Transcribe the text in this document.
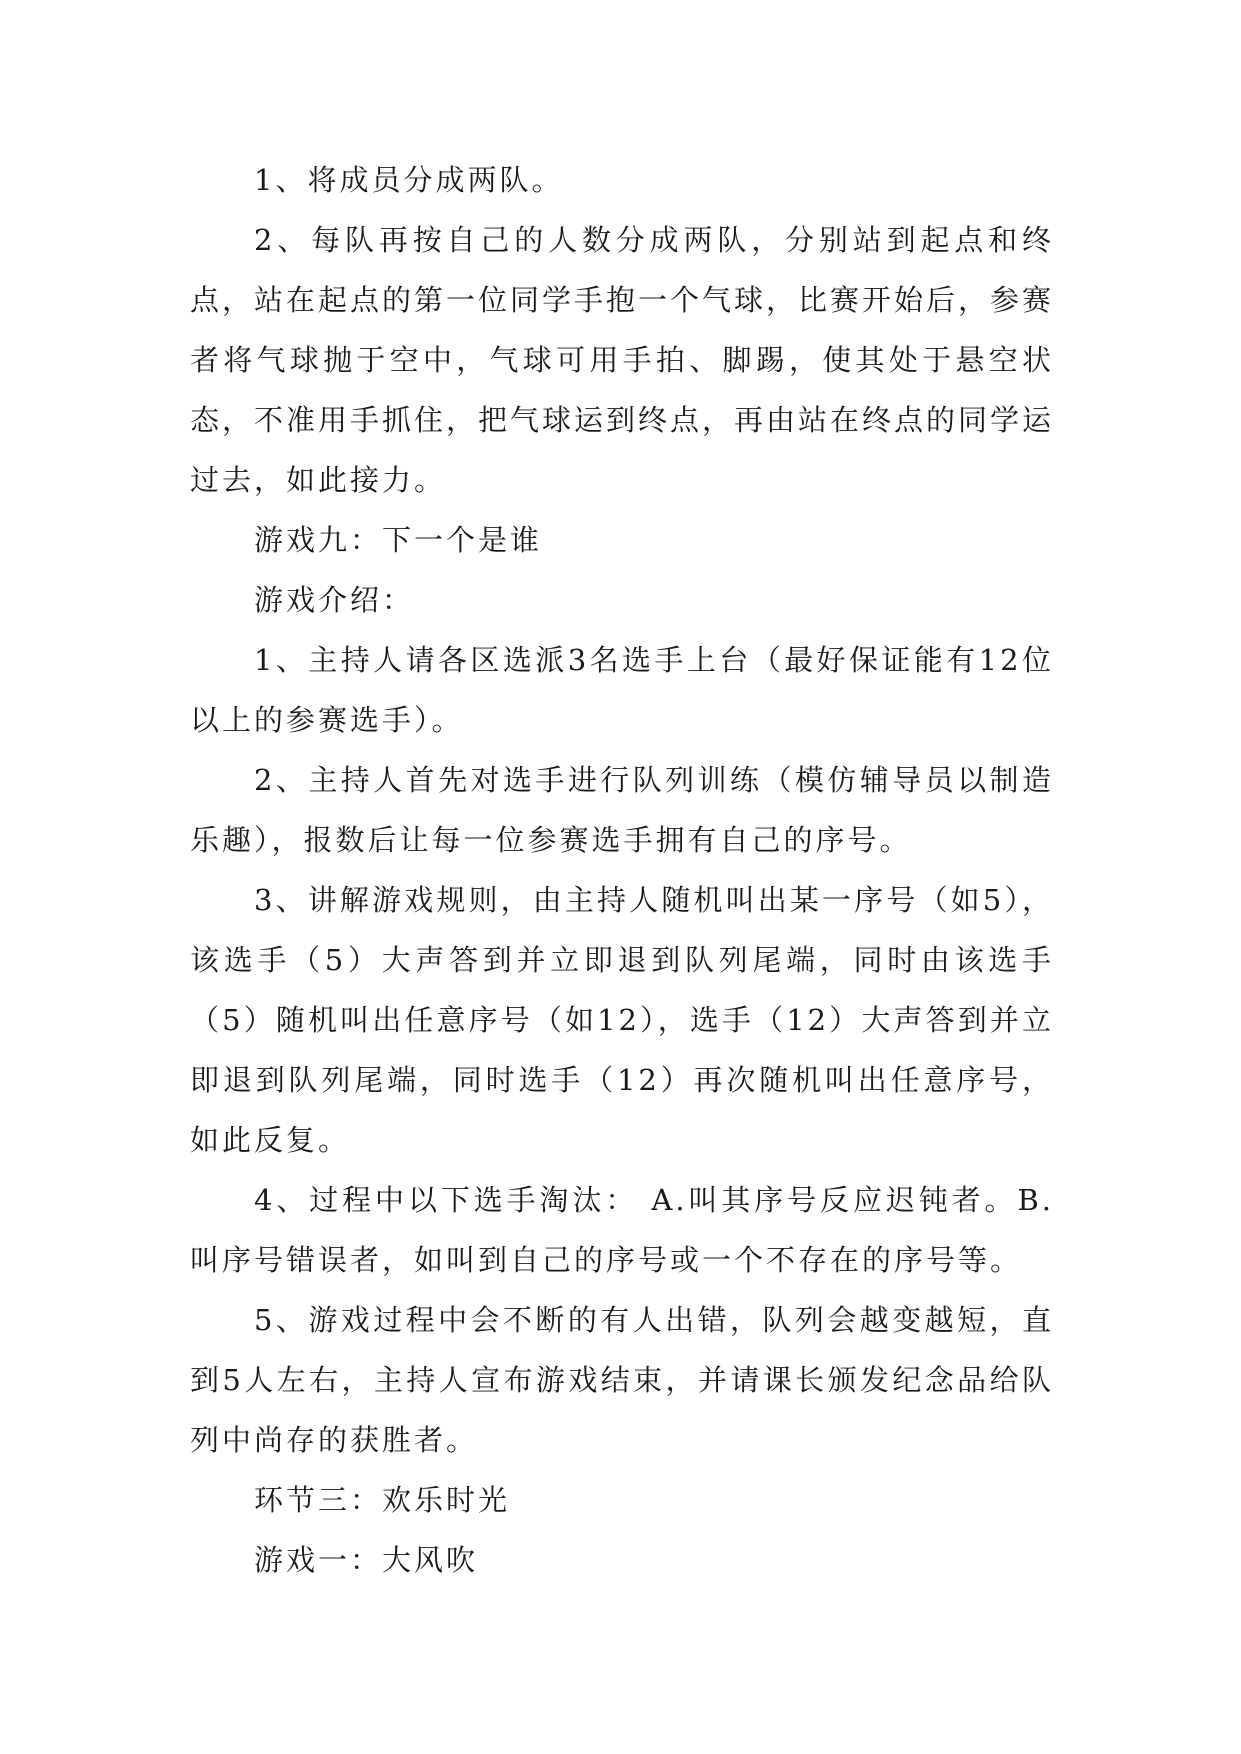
1、将成员分成两队。

2、每队再按自己的人数分成两队，分别站到起点和终点，站在起点的第一位同学手抱一个气球，比赛开始后，参赛者将气球抛于空中，气球可用手拍、脚踢，使其处于悬空状态，不准用手抓住，把气球运到终点，再由站在终点的同学运过去，如此接力。

游戏九：下一个是谁

游戏介绍：

1、主持人请各区选派3名选手上台（最好保证能有12位以上的参赛选手）。

2、主持人首先对选手进行队列训练（模仿辅导员以制造乐趣），报数后让每一位参赛选手拥有自己的序号。

3、讲解游戏规则，由主持人随机叫出某一序号（如5），该选手（5）大声答到并立即退到队列尾端，同时由该选手（5）随机叫出任意序号（如12），选手（12）大声答到并立即退到队列尾端，同时选手（12）再次随机叫出任意序号，如此反复。

4、过程中以下选手淘汰： A.叫其序号反应迟钝者。B.叫序号错误者，如叫到自己的序号或一个不存在的序号等。

5、游戏过程中会不断的有人出错，队列会越变越短，直到5人左右，主持人宣布游戏结束，并请课长颁发纪念品给队列中尚存的获胜者。

环节三：欢乐时光

游戏一：大风吹
